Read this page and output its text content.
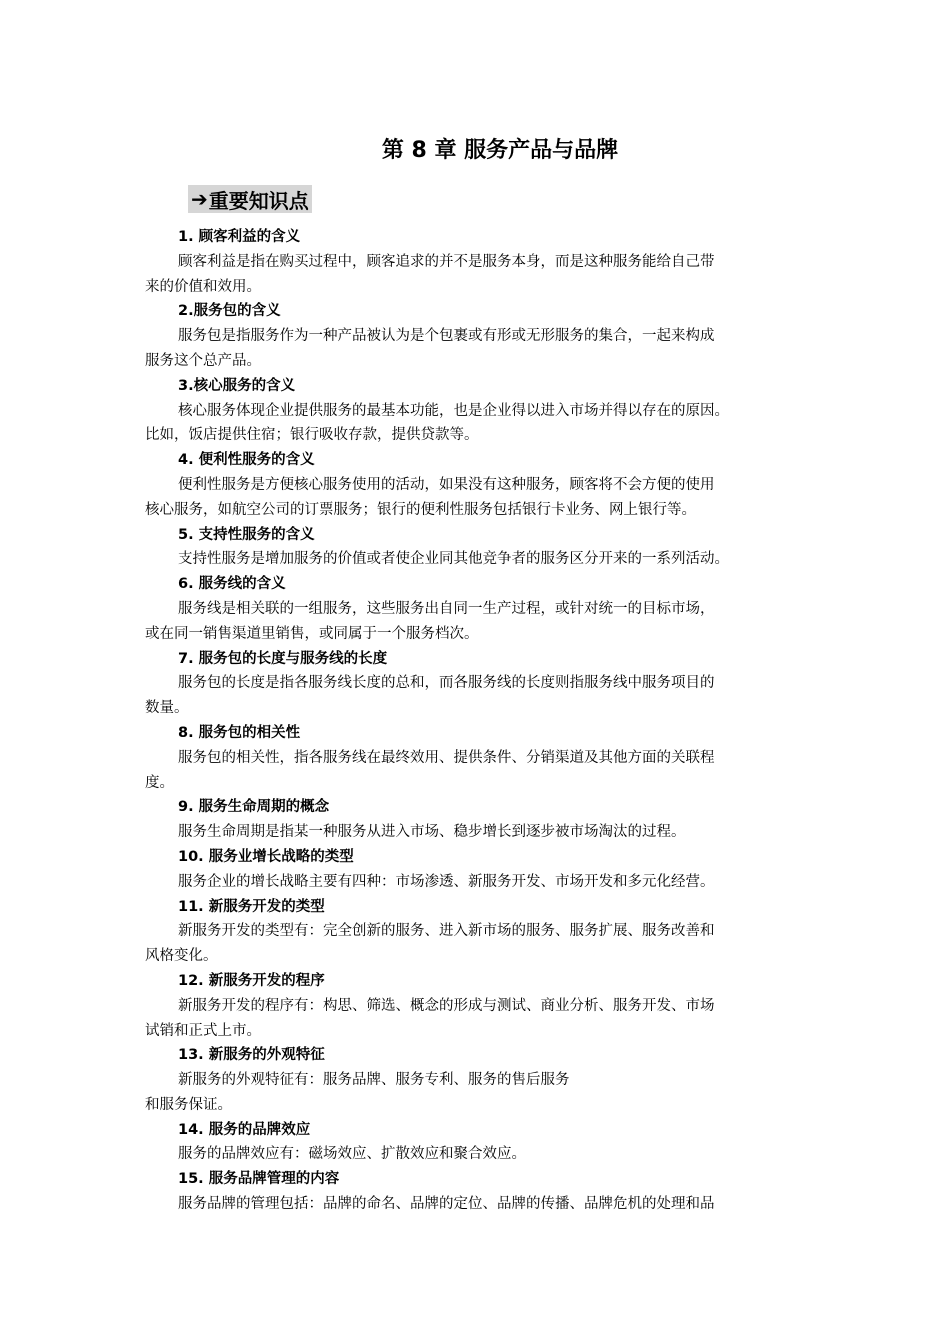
第 8 章 服务产品与品牌
➔ 重要知识点
1. 顾客利益的含义

顾客利益是指在购买过程中，顾客追求的并不是服务本身，而是这种服务能给自己带
来的价值和效用。

2.服务包的含义

服务包是指服务作为一种产品被认为是个包裹或有形或无形服务的集合，一起来构成
服务这个总产品。

3.核心服务的含义

核心服务体现企业提供服务的最基本功能，也是企业得以进入市场并得以存在的原因。
比如，饭店提供住宿；银行吸收存款，提供贷款等。

4. 便利性服务的含义

便利性服务是方便核心服务使用的活动，如果没有这种服务，顾客将不会方便的使用
核心服务，如航空公司的订票服务；银行的便利性服务包括银行卡业务、网上银行等。

5. 支持性服务的含义

支持性服务是增加服务的价值或者使企业同其他竞争者的服务区分开来的一系列活动。

6. 服务线的含义

服务线是相关联的一组服务，这些服务出自同一生产过程，或针对统一的目标市场，
或在同一销售渠道里销售，或同属于一个服务档次。

7. 服务包的长度与服务线的长度

服务包的长度是指各服务线长度的总和，而各服务线的长度则指服务线中服务项目的
数量。

8. 服务包的相关性

服务包的相关性，指各服务线在最终效用、提供条件、分销渠道及其他方面的关联程
度。

9. 服务生命周期的概念

服务生命周期是指某一种服务从进入市场、稳步增长到逐步被市场淘汰的过程。

10. 服务业增长战略的类型

服务企业的增长战略主要有四种：市场渗透、新服务开发、市场开发和多元化经营。

11. 新服务开发的类型

新服务开发的类型有：完全创新的服务、进入新市场的服务、服务扩展、服务改善和
风格变化。

12. 新服务开发的程序

新服务开发的程序有：构思、筛选、概念的形成与测试、商业分析、服务开发、市场
试销和正式上市。

13. 新服务的外观特征

新服务的外观特征有：服务品牌、服务专利、服务的售后服务
和服务保证。

14. 服务的品牌效应

服务的品牌效应有：磁场效应、扩散效应和聚合效应。

15. 服务品牌管理的内容

服务品牌的管理包括：品牌的命名、品牌的定位、品牌的传播、品牌危机的处理和品
